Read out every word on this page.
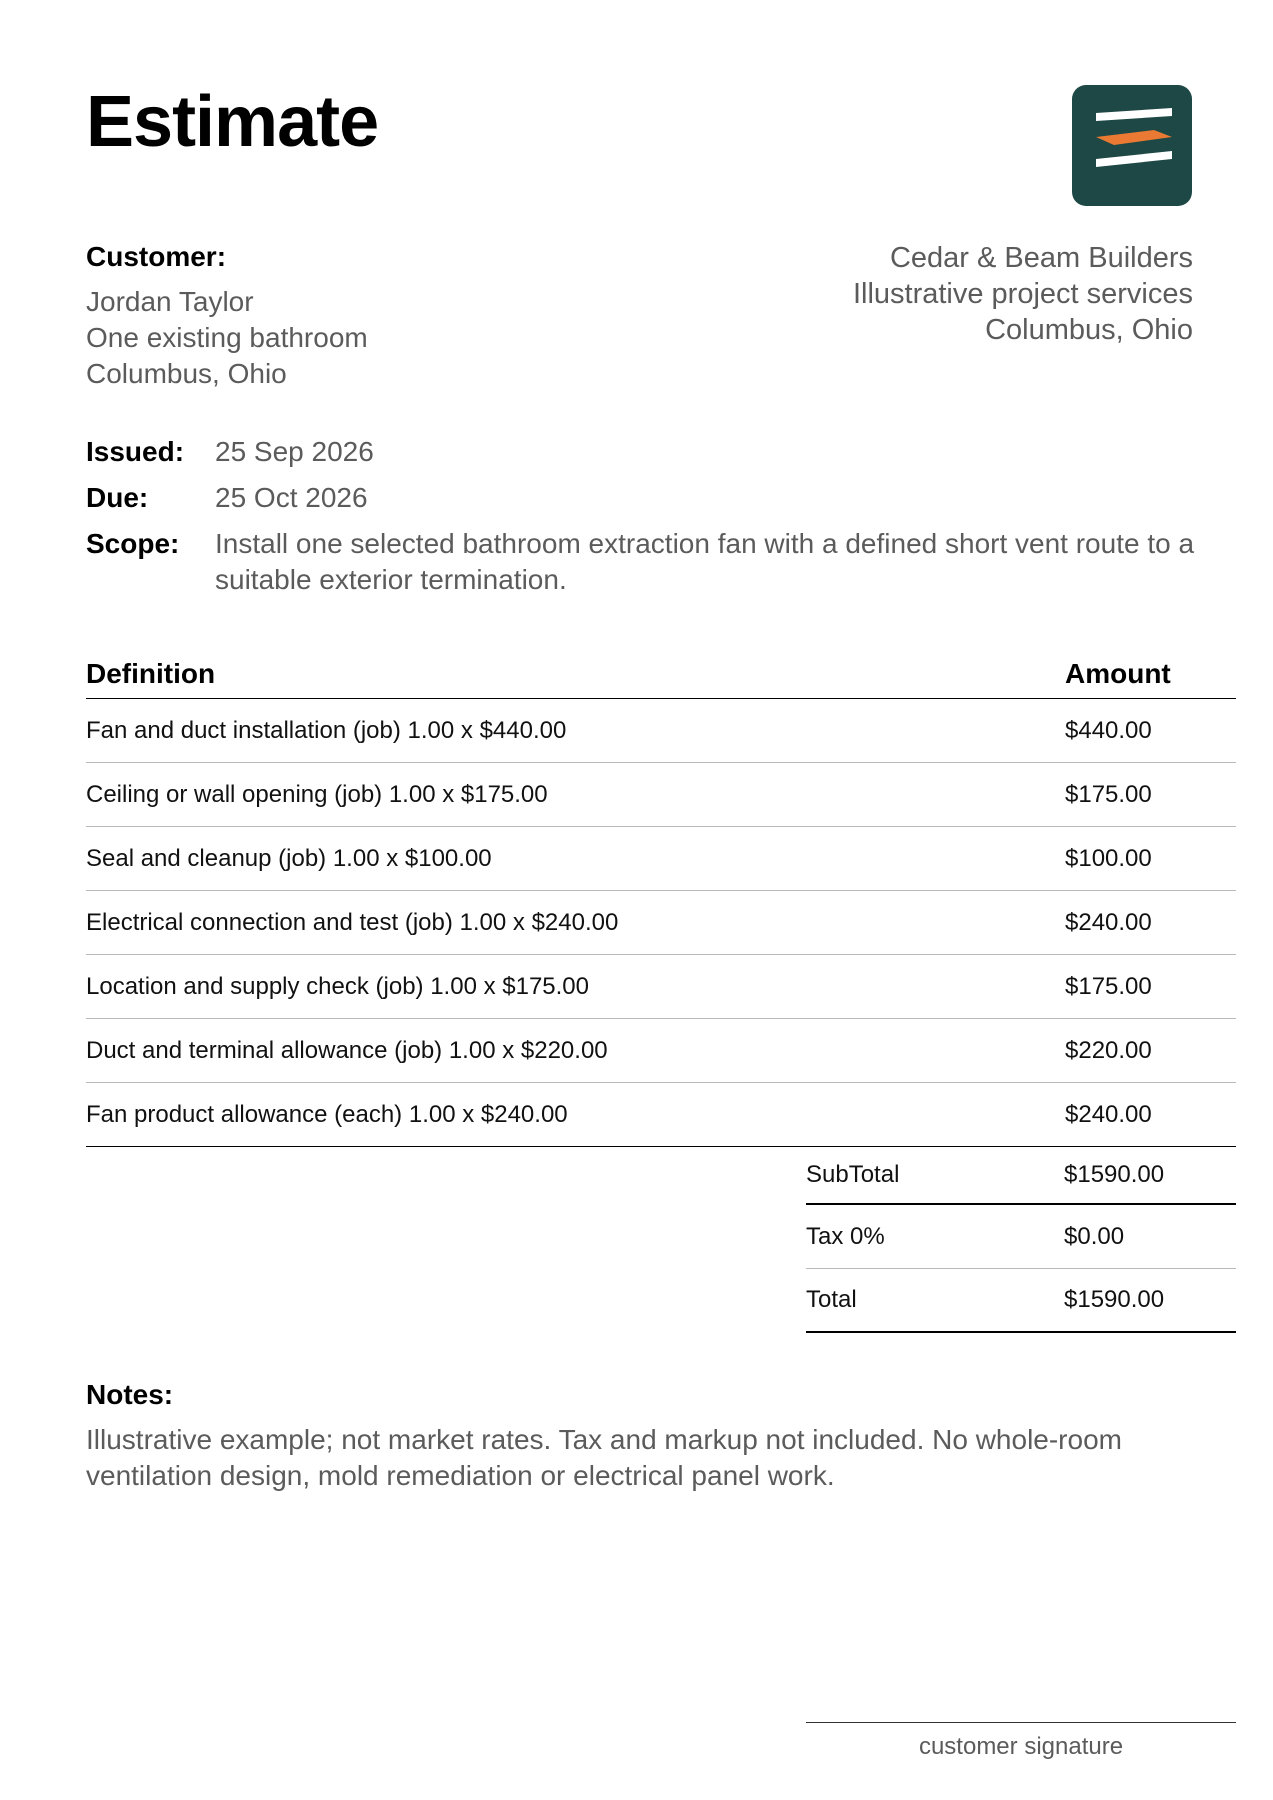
Estimate
Customer:
Jordan Taylor
One existing bathroom
Columbus, Ohio
Cedar & Beam Builders
Illustrative project services
Columbus, Ohio
Issued:	25 Sep 2026
Due:	25 Oct 2026
Scope:	Install one selected bathroom extraction fan with a defined short vent route to a suitable exterior termination.
Definition	Amount
Fan and duct installation (job) 1.00 x $440.00	$440.00
Ceiling or wall opening (job) 1.00 x $175.00	$175.00
Seal and cleanup (job) 1.00 x $100.00	$100.00
Electrical connection and test (job) 1.00 x $240.00	$240.00
Location and supply check (job) 1.00 x $175.00	$175.00
Duct and terminal allowance (job) 1.00 x $220.00	$220.00
Fan product allowance (each) 1.00 x $240.00	$240.00
SubTotal	$1590.00
Tax 0%	$0.00
Total	$1590.00
Notes:
Illustrative example; not market rates. Tax and markup not included. No whole-room ventilation design, mold remediation or electrical panel work.
customer signature
